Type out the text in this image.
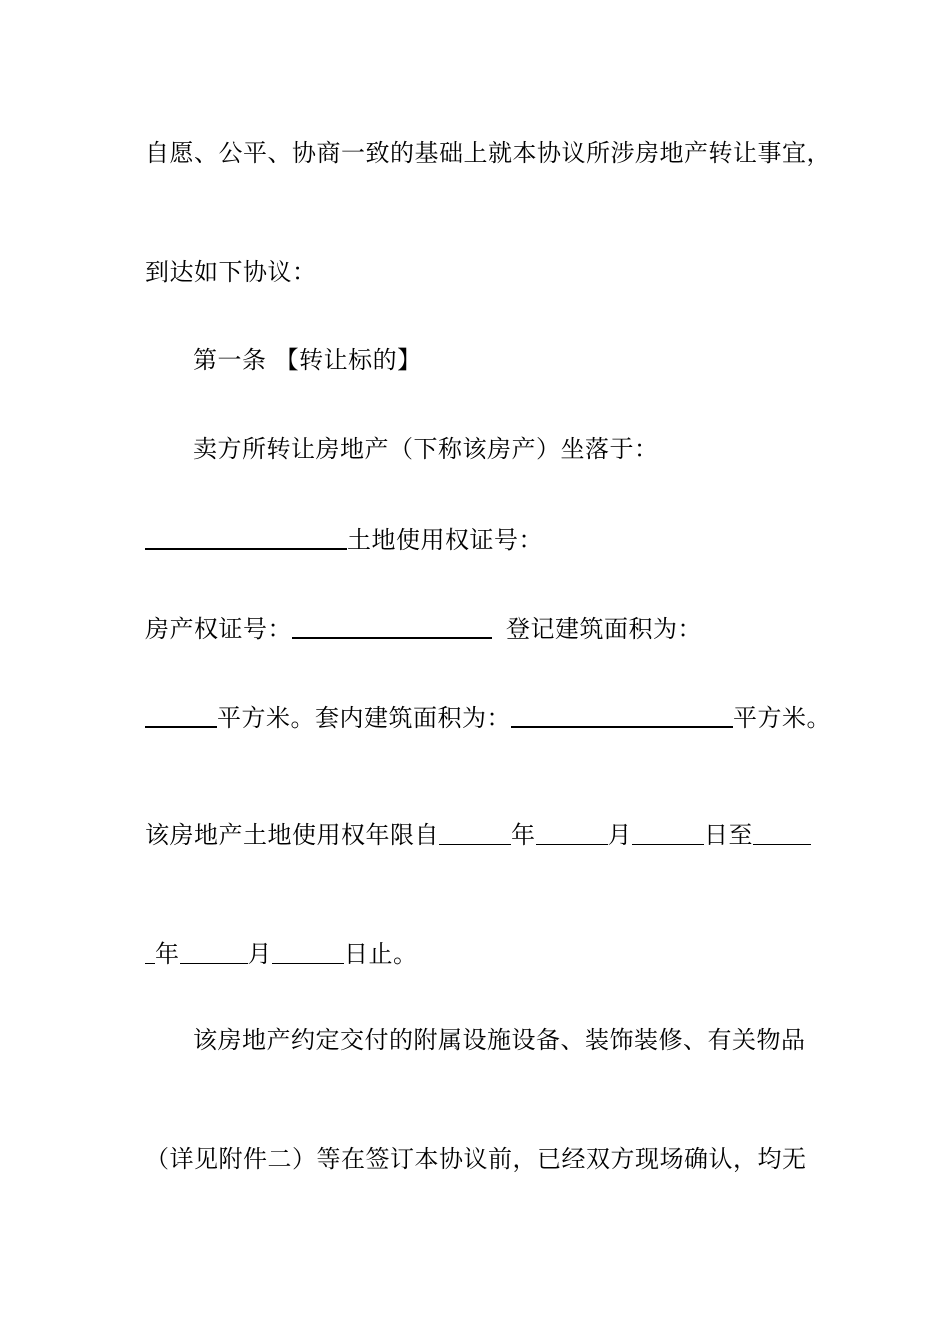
自愿、公平、协商一致的基础上就本协议所涉房地产转让事宜，
到达如下协议：
第一条 【转让标的】
卖方所转让房地产（下称该房产）坐落于：
土地使用权证号：
房产权证号：	登记建筑面积为：
平方米。套内建筑面积为：	平方米。
该房地产土地使用权年限自	年	月	日至
年	月	日止。
该房地产约定交付的附属设施设备、装饰装修、有关物品
（详见附件二）等在签订本协议前，已经双方现场确认，均无
